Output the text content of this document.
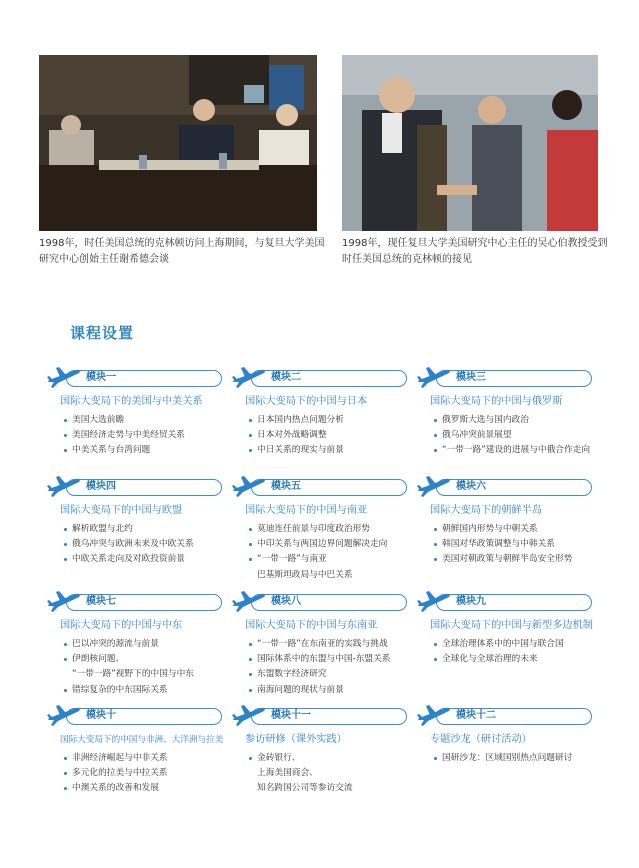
1998年，时任美国总统的克林顿访问上海期间，与复旦大学美国研究中心创始主任谢希德会谈
1998年，现任复旦大学美国研究中心主任的吴心伯教授受到时任美国总统的克林顿的接见
课程设置
模块一
国际大变局下的美国与中美关系
美国大选前瞻
美国经济走势与中美经贸关系
中美关系与台湾问题
模块二
国际大变局下的中国与日本
日本国内热点问题分析
日本对外战略调整
中日关系的现实与前景
模块三
国际大变局下的中国与俄罗斯
俄罗斯大选与国内政治
俄乌冲突前景展望
“一带一路”建设的进展与中俄合作走向
模块四
国际大变局下的中国与欧盟
解析欧盟与北约
俄乌冲突与欧洲未来及中欧关系
中欧关系走向及对欧投资前景
模块五
国际大变局下的中国与南亚
莫迪连任前景与印度政治形势
中印关系与两国边界问题解决走向
“一带一路”与南亚
巴基斯坦政局与中巴关系
模块六
国际大变局下的朝鲜半岛
朝鲜国内形势与中朝关系
韩国对华政策调整与中韩关系
美国对朝政策与朝鲜半岛安全形势
模块七
国际大变局下的中国与中东
巴以冲突的源流与前景
伊朗核问题、
“一带一路”视野下的中国与中东
错综复杂的中东国际关系
模块八
国际大变局下的中国与东南亚
“一带一路”在东南亚的实践与挑战
国际体系中的东盟与中国-东盟关系
东盟数字经济研究
南海问题的现状与前景
模块九
国际大变局下的中国与新型多边机制
全球治理体系中的中国与联合国
全球化与全球治理的未来
模块十
国际大变局下的中国与非洲、大洋洲与拉美
非洲经济崛起与中非关系
多元化的拉美与中拉关系
中澳关系的改善和发展
模块十一
参访研修（课外实践）
金砖银行、
上海美国商会、
知名跨国公司等参访交流
模块十二
专题沙龙（研讨活动）
国研沙龙：区域国别热点问题研讨
